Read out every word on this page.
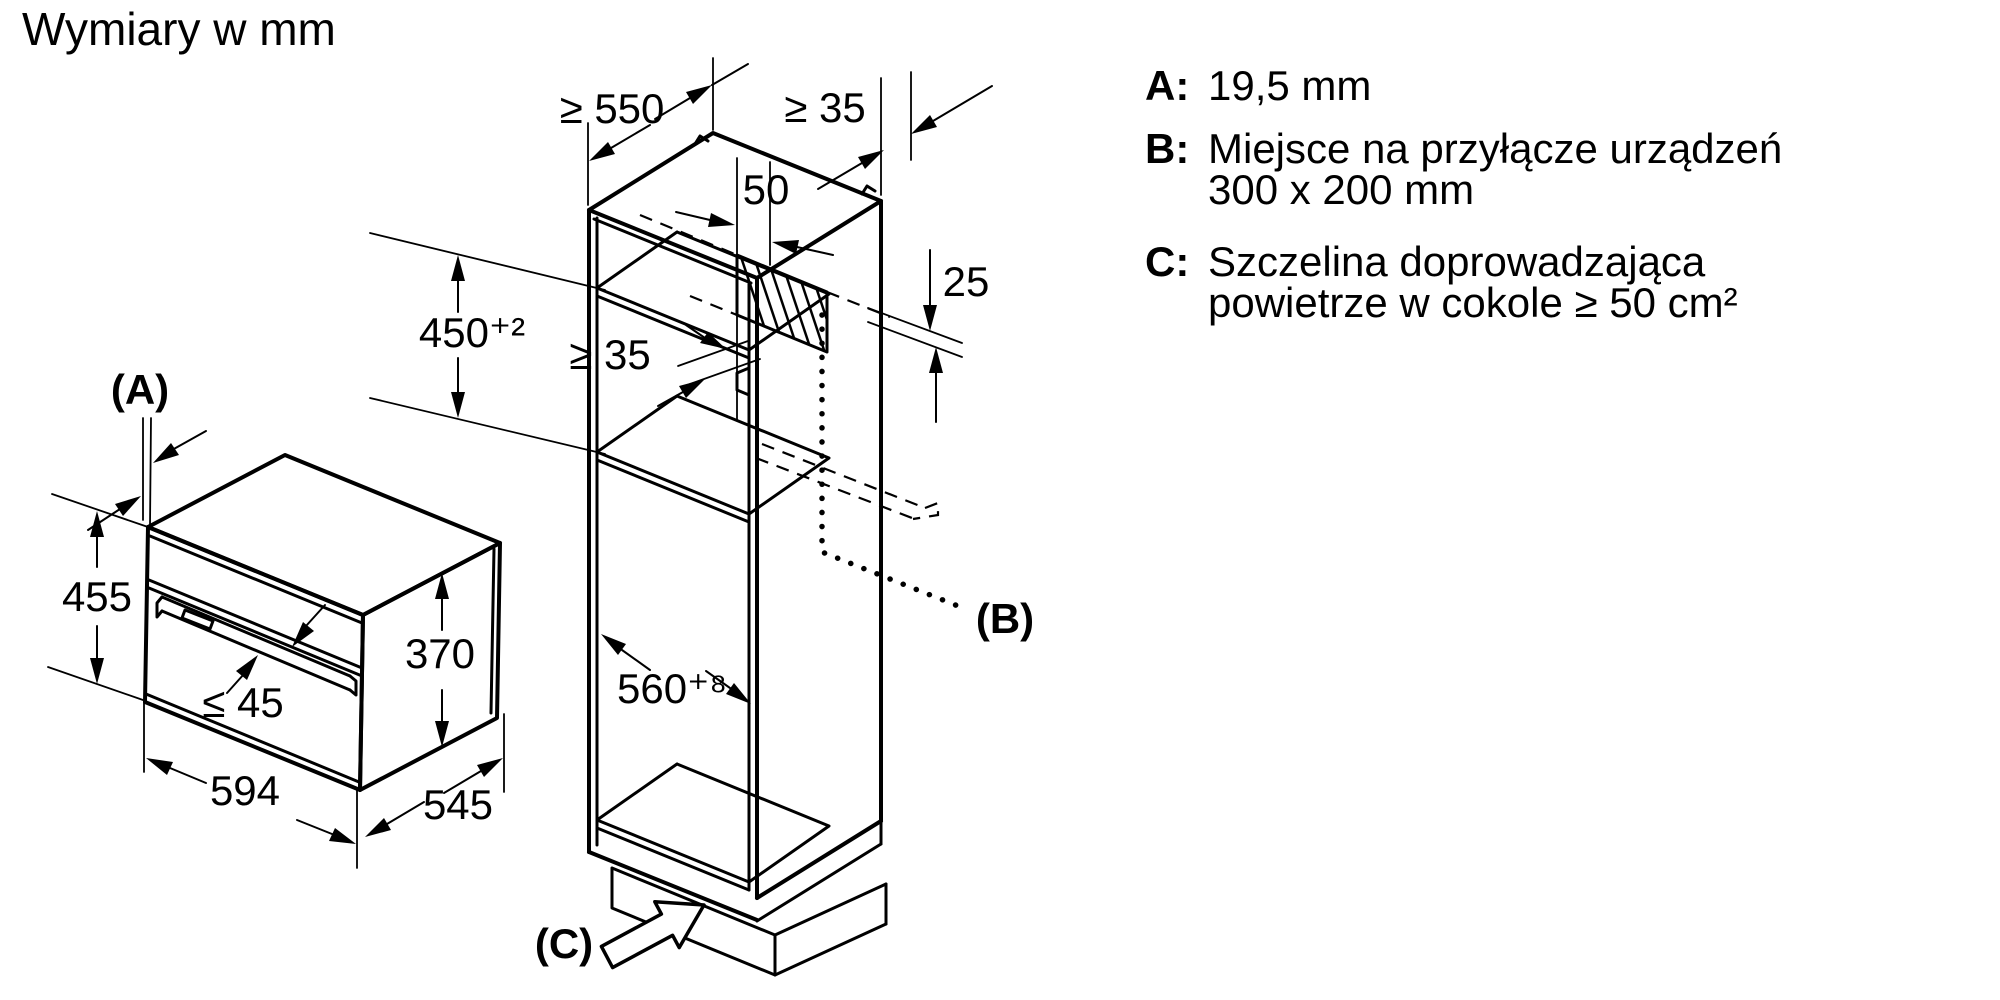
Wymiary w mm
(A)
455
≤ 45
370
594	545
≥ 550	≥ 35
50
25
450⁺² ≥ 35
560⁺⁸
(B)
(C)
A: 19,5 mm
B: Miejsce na przyłącze urządzeń
300 x 200 mm
C: Szczelina doprowadzająca
powietrze w cokole ≥ 50 cm²
